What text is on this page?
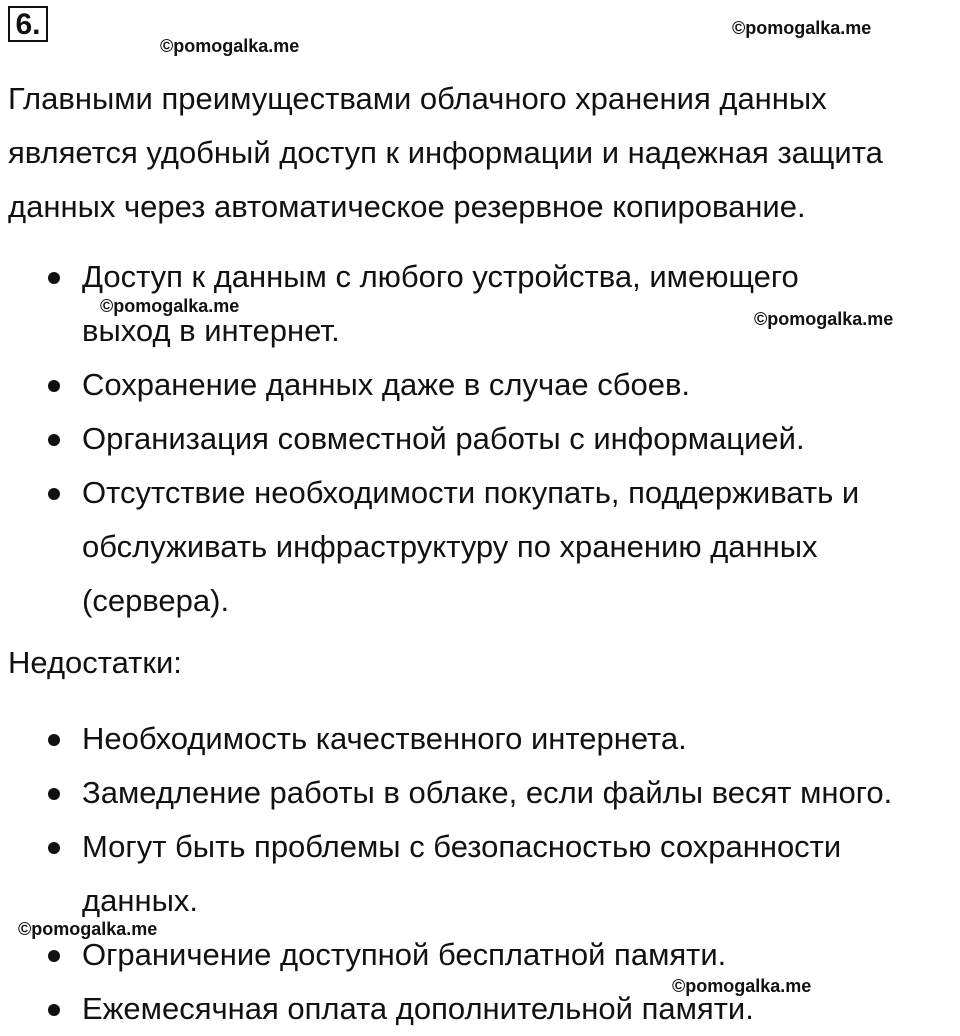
6.
©pomogalka.me
©pomogalka.me
©pomogalka.me
©pomogalka.me
©pomogalka.me
©pomogalka.me
Главными преимуществами облачного хранения данных
является удобный доступ к информации и надежная защита
данных через автоматическое резервное копирование.
Доступ к данным с любого устройства, имеющего
выход в интернет.
Сохранение данных даже в случае сбоев.
Организация совместной работы с информацией.
Отсутствие необходимости покупать, поддерживать и
обслуживать инфраструктуру по хранению данных
(сервера).
Недостатки:
Необходимость качественного интернета.
Замедление работы в облаке, если файлы весят много.
Могут быть проблемы с безопасностью сохранности
данных.
Ограничение доступной бесплатной памяти.
Ежемесячная оплата дополнительной памяти.
